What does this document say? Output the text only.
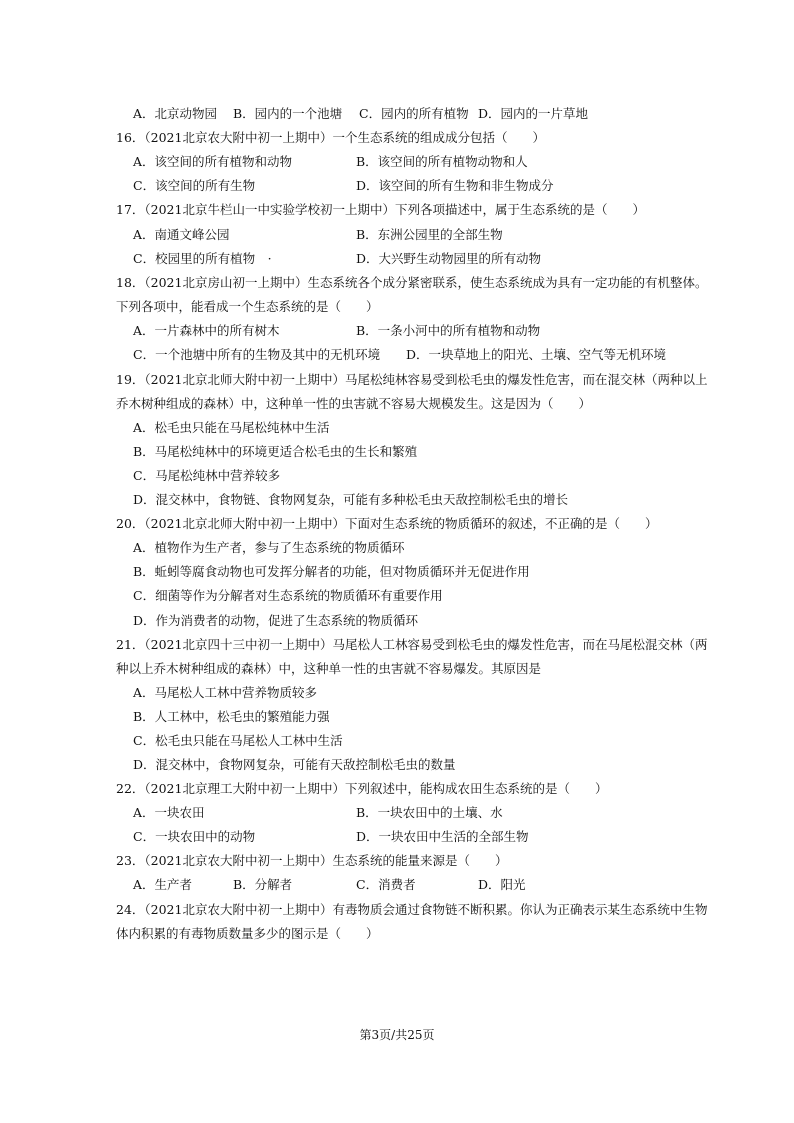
A．北京动物园 B．园内的一个池塘 C．园内的所有植物 D．园内的一片草地
16．（2021北京农大附中初一上期中）一个生态系统的组成成分包括（　　）
A．该空间的所有植物和动物	B．该空间的所有植物动物和人
C．该空间的所有生物	D．该空间的所有生物和非生物成分
17．（2021北京牛栏山一中实验学校初一上期中）下列各项描述中，属于生态系统的是（　　）
A．南通文峰公园	B．东洲公园里的全部生物
C．校园里的所有植物　·	D．大兴野生动物园里的所有动物
18．（2021北京房山初一上期中）生态系统各个成分紧密联系，使生态系统成为具有一定功能的有机整体。
下列各项中，能看成一个生态系统的是（　　）
A．一片森林中的所有树木	B．一条小河中的所有植物和动物
C．一个池塘中所有的生物及其中的无机环境 D．一块草地上的阳光、土壤、空气等无机环境
19．（2021北京北师大附中初一上期中）马尾松纯林容易受到松毛虫的爆发性危害，而在混交林（两种以上
乔木树种组成的森林）中，这种单一性的虫害就不容易大规模发生。这是因为（　　）
A．松毛虫只能在马尾松纯林中生活
B．马尾松纯林中的环境更适合松毛虫的生长和繁殖
C．马尾松纯林中营养较多
D．混交林中，食物链、食物网复杂，可能有多种松毛虫天敌控制松毛虫的增长
20．（2021北京北师大附中初一上期中）下面对生态系统的物质循环的叙述，不正确的是（　　）
A．植物作为生产者，参与了生态系统的物质循环
B．蚯蚓等腐食动物也可发挥分解者的功能，但对物质循环并无促进作用
C．细菌等作为分解者对生态系统的物质循环有重要作用
D．作为消费者的动物，促进了生态系统的物质循环
21．（2021北京四十三中初一上期中）马尾松人工林容易受到松毛虫的爆发性危害，而在马尾松混交林（两
种以上乔木树种组成的森林）中，这种单一性的虫害就不容易爆发。其原因是
A．马尾松人工林中营养物质较多
B．人工林中，松毛虫的繁殖能力强
C．松毛虫只能在马尾松人工林中生活
D．混交林中，食物网复杂，可能有天敌控制松毛虫的数量
22．（2021北京理工大附中初一上期中）下列叙述中，能构成农田生态系统的是（　　）
A．一块农田	B．一块农田中的土壤、水
C．一块农田中的动物	D．一块农田中生活的全部生物
23．（2021北京农大附中初一上期中）生态系统的能量来源是（　　）
A．生产者	B．分解者	C．消费者	D．阳光
24．（2021北京农大附中初一上期中）有毒物质会通过食物链不断积累。你认为正确表示某生态系统中生物
体内积累的有毒物质数量多少的图示是（　　）
第3页/共25页
